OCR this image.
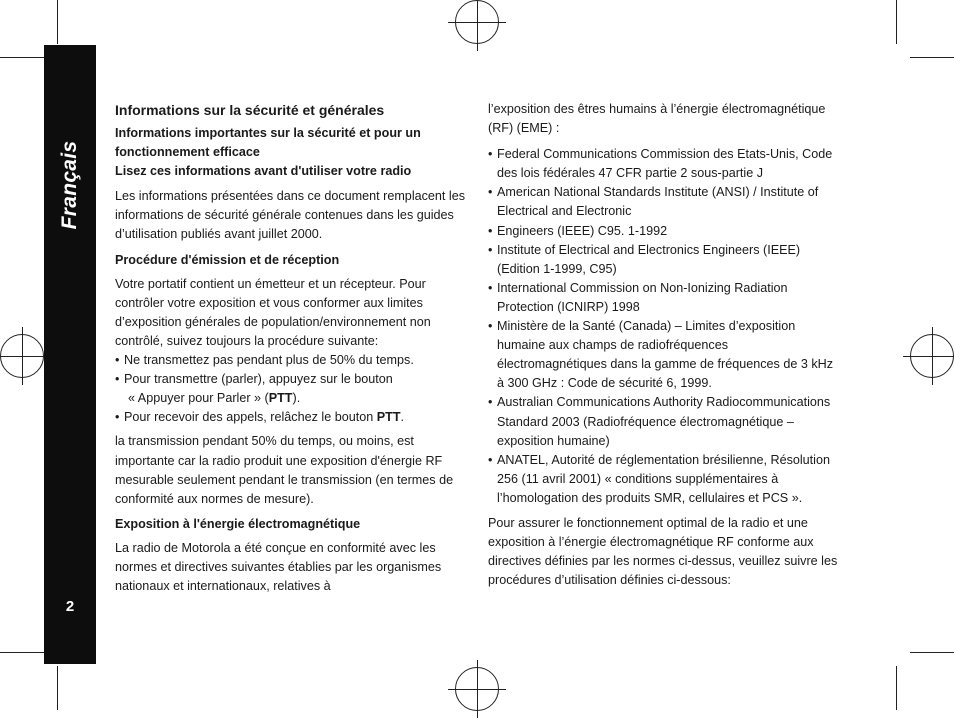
Français
2
Informations sur la sécurité et générales
Informations importantes sur la sécurité et pour un fonctionnement efficace
Lisez ces informations avant d'utiliser votre radio

Les informations présentées dans ce document remplacent les informations de sécurité générale contenues dans les guides d’utilisation publiés avant juillet 2000.

Procédure d'émission et de réception
Votre portatif contient un émetteur et un récepteur. Pour contrôler votre exposition et vous conformer aux limites d’exposition générales de population/environnement non contrôlé, suivez toujours la procédure suivante:
• Ne transmettez pas pendant plus de 50% du temps.
• Pour transmettre (parler), appuyez sur le bouton
« Appuyer pour Parler » (PTT).
• Pour recevoir des appels, relâchez le bouton PTT.

la transmission pendant 50% du temps, ou moins, est importante car la radio produit une exposition d'énergie RF mesurable seulement pendant le transmission (en termes de conformité aux normes de mesure).

Exposition à l'énergie électromagnétique

La radio de Motorola a été conçue en conformité avec les normes et directives suivantes établies par les organismes nationaux et internationaux, relatives à

l’exposition des êtres humains à l’énergie électromagnétique (RF) (EME) :

• Federal Communications Commission des Etats-Unis, Code des lois fédérales 47 CFR partie 2 sous-partie J
• American National Standards Institute (ANSI) / Institute of Electrical and Electronic
• Engineers (IEEE) C95. 1-1992
• Institute of Electrical and Electronics Engineers (IEEE) (Edition 1-1999, C95)
• International Commission on Non-Ionizing Radiation Protection (ICNIRP) 1998
• Ministère de la Santé (Canada) – Limites d’exposition humaine aux champs de radiofréquences électromagnétiques dans la gamme de fréquences de 3 kHz à 300 GHz : Code de sécurité 6, 1999.
• Australian Communications Authority Radiocommunications Standard 2003 (Radiofréquence électromagnétique –exposition humaine)
• ANATEL, Autorité de réglementation brésilienne, Résolution 256 (11 avril 2001) « conditions supplémentaires à l’homologation des produits SMR, cellulaires et PCS ».

Pour assurer le fonctionnement optimal de la radio et une exposition à l’énergie électromagnétique RF conforme aux directives définies par les normes ci-dessus, veuillez suivre les procédures d’utilisation définies ci-dessous:
